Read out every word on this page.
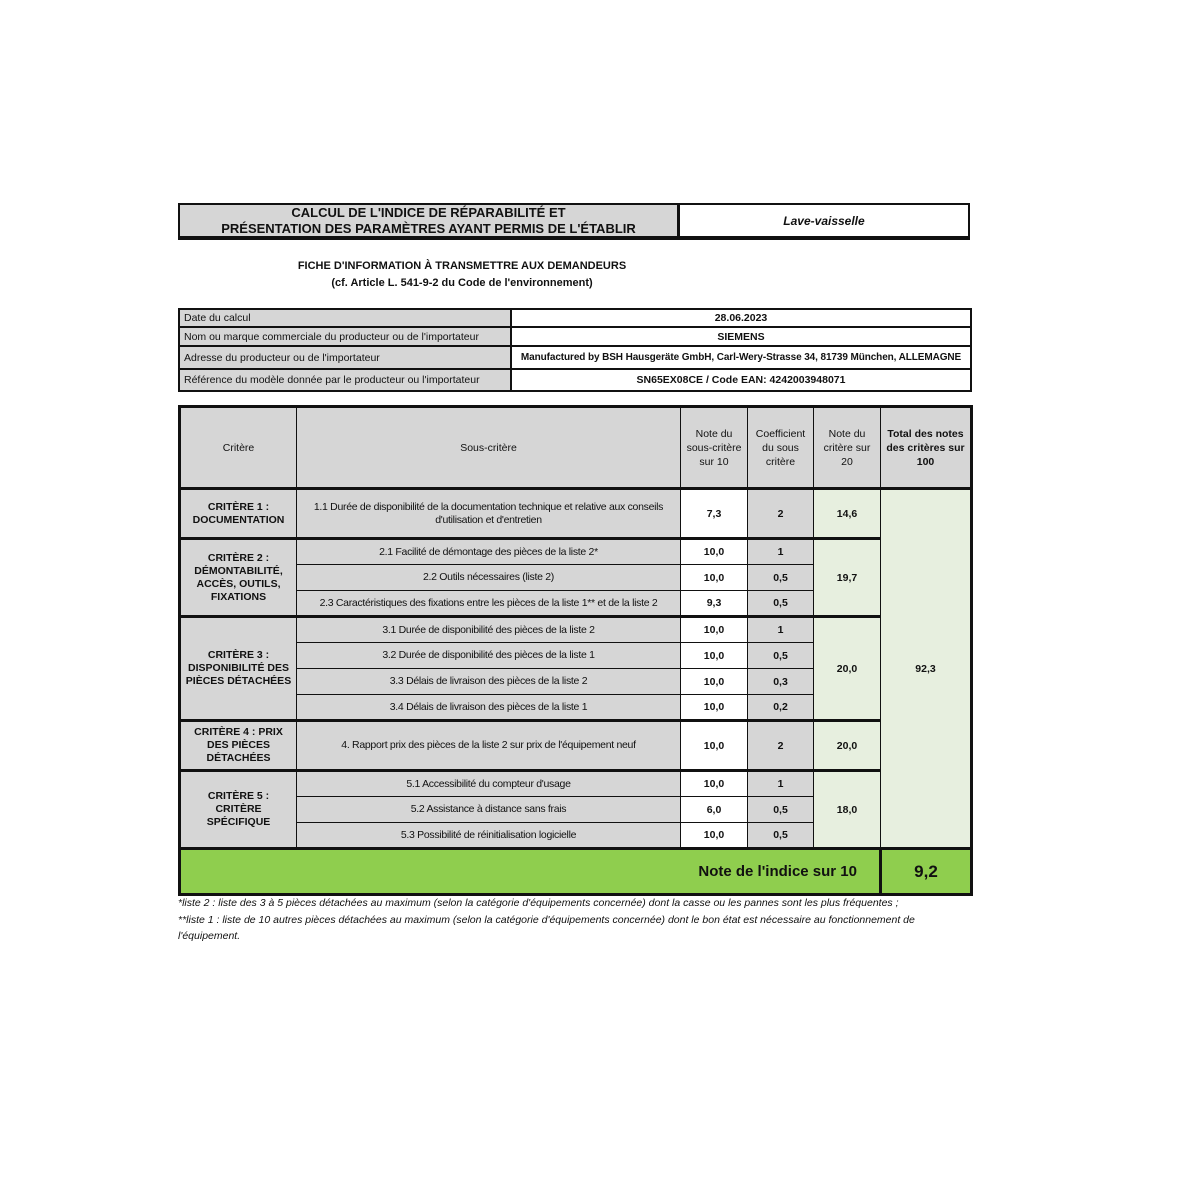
CALCUL DE L'INDICE DE RÉPARABILITÉ ET
PRÉSENTATION DES PARAMÈTRES AYANT PERMIS DE L'ÉTABLIR	Lave-vaisselle
FICHE D'INFORMATION À TRANSMETTRE AUX DEMANDEURS
(cf. Article L. 541-9-2 du Code de l'environnement)
Date du calcul	28.06.2023
Nom ou marque commerciale du producteur ou de l'importateur	SIEMENS
Adresse du producteur ou de l'importateur	Manufactured by BSH Hausgeräte GmbH, Carl-Wery-Strasse 34, 81739 München, ALLEMAGNE
Référence du modèle donnée par le producteur ou l'importateur	SN65EX08CE / Code EAN: 4242003948071
Critère	Sous-critère	Note du sous-critère sur 10	Coefficient du sous critère	Note du critère sur 20	Total des notes des critères sur 100
CRITÈRE 1 : DOCUMENTATION	1.1 Durée de disponibilité de la documentation technique et relative aux conseils d'utilisation et d'entretien	7,3	2	14,6	92,3
CRITÈRE 2 : DÉMONTABILITÉ, ACCÈS, OUTILS, FIXATIONS	2.1 Facilité de démontage des pièces de la liste 2*	10,0	1	19,7	
	2.2 Outils nécessaires (liste 2)	10,0	0,5		
	2.3 Caractéristiques des fixations entre les pièces de la liste 1** et de la liste 2	9,3	0,5		
CRITÈRE 3 : DISPONIBILITÉ DES PIÈCES DÉTACHÉES	3.1 Durée de disponibilité des pièces de la liste 2	10,0	1	20,0	
	3.2 Durée de disponibilité des pièces de la liste 1	10,0	0,5		
	3.3 Délais de livraison des pièces de la liste 2	10,0	0,3		
	3.4 Délais de livraison des pièces de la liste 1	10,0	0,2		
CRITÈRE 4 : PRIX DES PIÈCES DÉTACHÉES	4. Rapport prix des pièces de la liste 2 sur prix de l'équipement neuf	10,0	2	20,0	
CRITÈRE 5 : CRITÈRE SPÉCIFIQUE	5.1 Accessibilité du compteur d'usage	10,0	1	18,0	
	5.2 Assistance à distance sans frais	6,0	0,5		
	5.3 Possibilité de réinitialisation logicielle	10,0	0,5		
Note de l'indice sur 10					9,2

*liste 2 : liste des 3 à 5 pièces détachées au maximum (selon la catégorie d'équipements concernée) dont la casse ou les pannes sont les plus fréquentes ;

**liste 1 : liste de 10 autres pièces détachées au maximum (selon la catégorie d'équipements concernée) dont le bon état est nécessaire au fonctionnement de l'équipement.
